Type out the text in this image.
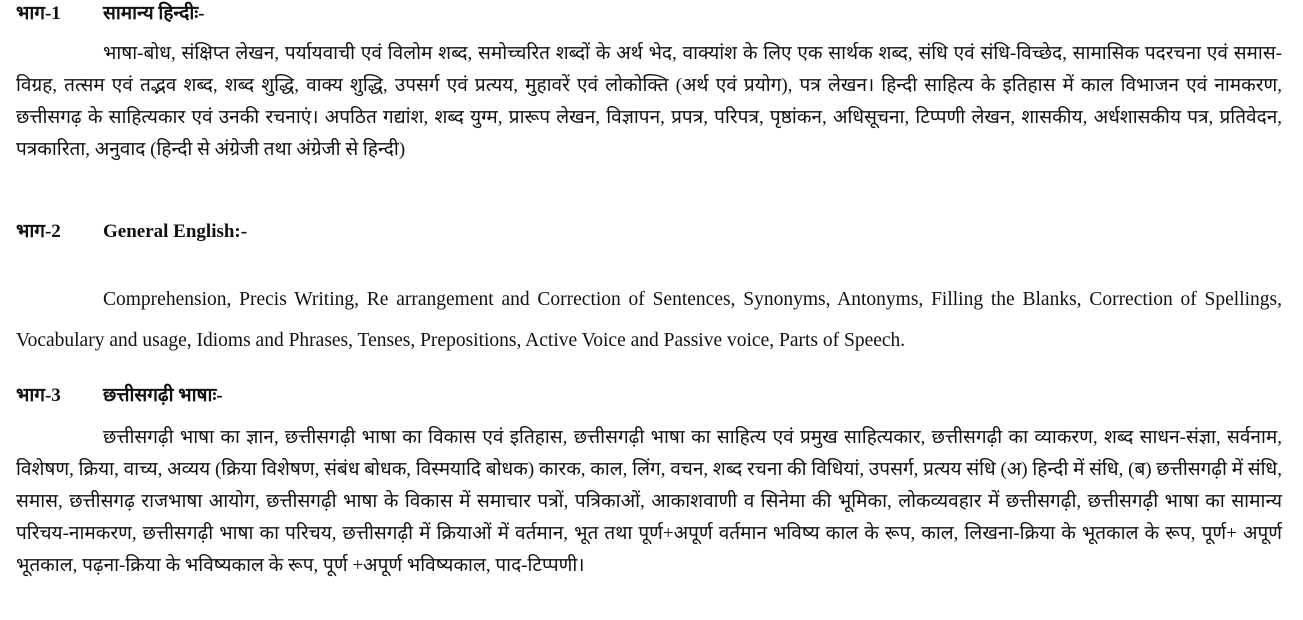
भाग-1 सामान्य हिन्दीः-
भाषा-बोध, संक्षिप्त लेखन, पर्यायवाची एवं विलोम शब्द, समोच्चरित शब्दों के अर्थ भेद, वाक्यांश के लिए एक सार्थक शब्द, संधि एवं संधि-विच्छेद, सामासिक पदरचना एवं समास-विग्रह, तत्सम एवं तद्भव शब्द, शब्द शुद्धि, वाक्य शुद्धि, उपसर्ग एवं प्रत्यय, मुहावरें एवं लोकोक्ति (अर्थ एवं प्रयोग), पत्र लेखन। हिन्दी साहित्य के इतिहास में काल विभाजन एवं नामकरण, छत्तीसगढ़ के साहित्यकार एवं उनकी रचनाएं। अपठित गद्यांश, शब्द युग्म, प्रारूप लेखन, विज्ञापन, प्रपत्र, परिपत्र, पृष्ठांकन, अधिसूचना, टिप्पणी लेखन, शासकीय, अर्धशासकीय पत्र, प्रतिवेदन, पत्रकारिता, अनुवाद (हिन्दी से अंग्रेजी तथा अंग्रेजी से हिन्दी)
भाग-2 General English:-
Comprehension, Precis Writing, Re arrangement and Correction of Sentences, Synonyms, Antonyms, Filling the Blanks, Correction of Spellings, Vocabulary and usage, Idioms and Phrases, Tenses, Prepositions, Active Voice and Passive voice, Parts of Speech.
भाग-3 छत्तीसगढ़ी भाषाः-
छत्तीसगढ़ी भाषा का ज्ञान, छत्तीसगढ़ी भाषा का विकास एवं इतिहास, छत्तीसगढ़ी भाषा का साहित्य एवं प्रमुख साहित्यकार, छत्तीसगढ़ी का व्याकरण, शब्द साधन-संज्ञा, सर्वनाम, विशेषण, क्रिया, वाच्य, अव्यय (क्रिया विशेषण, संबंध बोधक, विस्मयादि बोधक) कारक, काल, लिंग, वचन, शब्द रचना की विधियां, उपसर्ग, प्रत्यय संधि (अ) हिन्दी में संधि, (ब) छत्तीसगढ़ी में संधि, समास, छत्तीसगढ़ राजभाषा आयोग, छत्तीसगढ़ी भाषा के विकास में समाचार पत्रों, पत्रिकाओं, आकाशवाणी व सिनेमा की भूमिका, लोकव्यवहार में छत्तीसगढ़ी, छत्तीसगढ़ी भाषा का सामान्य परिचय-नामकरण, छत्तीसगढ़ी भाषा का परिचय, छत्तीसगढ़ी में क्रियाओं में वर्तमान, भूत तथा पूर्ण+अपूर्ण वर्तमान भविष्य काल के रूप, काल, लिखना-क्रिया के भूतकाल के रूप, पूर्ण+ अपूर्ण भूतकाल, पढ़ना-क्रिया के भविष्यकाल के रूप, पूर्ण +अपूर्ण भविष्यकाल, पाद-टिप्पणी।
